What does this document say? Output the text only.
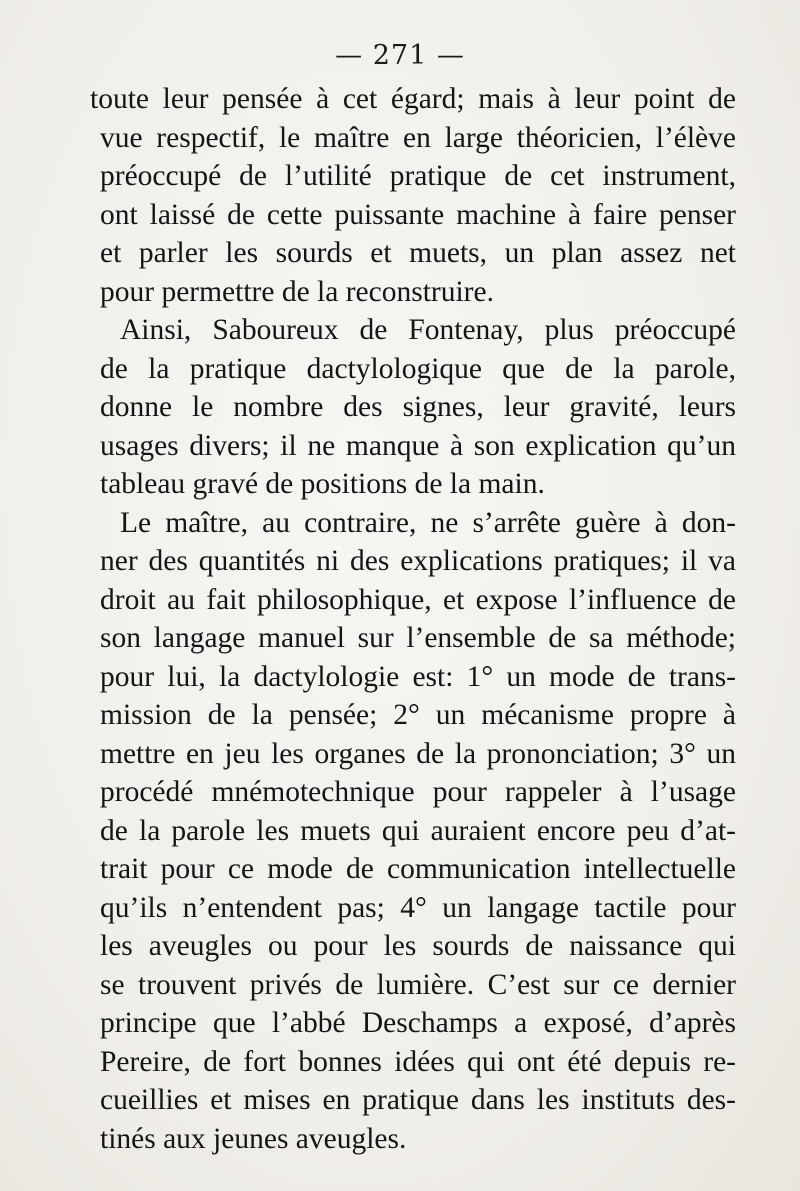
— 271 —
toute leur pensée à cet égard; mais à leur point de
vue respectif, le maître en large théoricien, l’élève
préoccupé de l’utilité pratique de cet instrument,
ont laissé de cette puissante machine à faire penser
et parler les sourds et muets, un plan assez net
pour permettre de la reconstruire.
Ainsi, Saboureux de Fontenay, plus préoccupé
de la pratique dactylologique que de la parole,
donne le nombre des signes, leur gravité, leurs
usages divers; il ne manque à son explication qu’un
tableau gravé de positions de la main.
Le maître, au contraire, ne s’arrête guère à don-
ner des quantités ni des explications pratiques; il va
droit au fait philosophique, et expose l’influence de
son langage manuel sur l’ensemble de sa méthode;
pour lui, la dactylologie est: 1° un mode de trans-
mission de la pensée; 2° un mécanisme propre à
mettre en jeu les organes de la prononciation; 3° un
procédé mnémotechnique pour rappeler à l’usage
de la parole les muets qui auraient encore peu d’at-
trait pour ce mode de communication intellectuelle
qu’ils n’entendent pas; 4° un langage tactile pour
les aveugles ou pour les sourds de naissance qui
se trouvent privés de lumière. C’est sur ce dernier
principe que l’abbé Deschamps a exposé, d’après
Pereire, de fort bonnes idées qui ont été depuis re-
cueillies et mises en pratique dans les instituts des-
tinés aux jeunes aveugles.
